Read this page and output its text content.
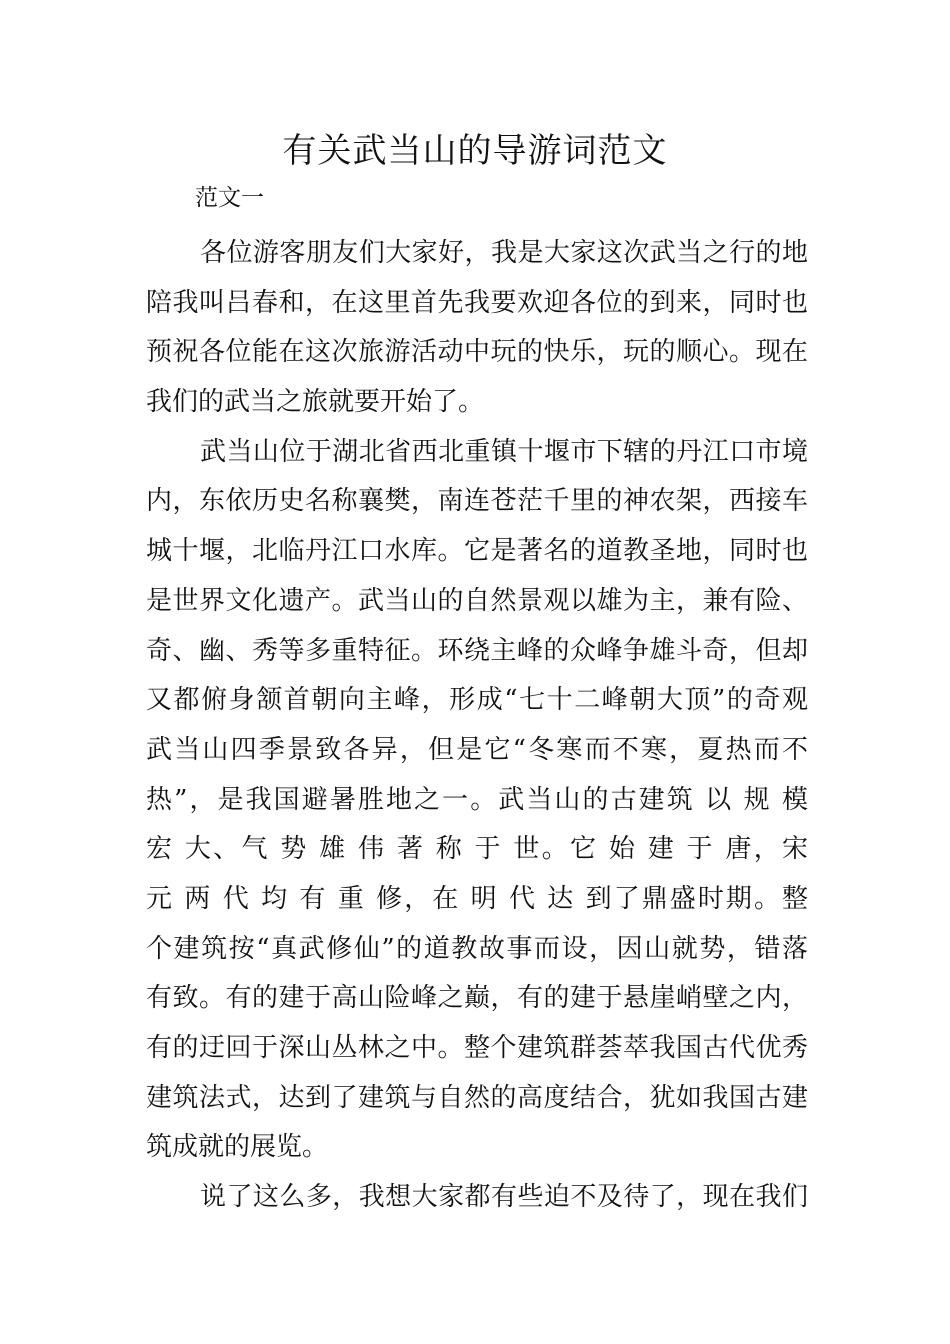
有关武当山的导游词范文

范文一

各位游客朋友们大家好，我是大家这次武当之行的地
陪我叫吕春和，在这里首先我要欢迎各位的到来，同时也
预祝各位能在这次旅游活动中玩的快乐，玩的顺心。现在
我们的武当之旅就要开始了。
武当山位于湖北省西北重镇十堰市下辖的丹江口市境
内，东依历史名称襄樊，南连苍茫千里的神农架，西接车
城十堰，北临丹江口水库。它是著名的道教圣地，同时也
是世界文化遗产。武当山的自然景观以雄为主，兼有险、
奇、幽、秀等多重特征。环绕主峰的众峰争雄斗奇，但却
又都俯身颔首朝向主峰，形成“七十二峰朝大顶”的奇观
武当山四季景致各异，但是它“冬寒而不寒，夏热而不
热”，是我国避暑胜地之一。武当山的古建筑 以 规 模
宏 大、气 势 雄 伟 著 称 于 世。它 始 建 于 唐，宋
元 两 代 均 有 重 修，在 明 代 达 到了鼎盛时期。整
个建筑按“真武修仙”的道教故事而设，因山就势，错落
有致。有的建于高山险峰之巅，有的建于悬崖峭壁之内，
有的迂回于深山丛林之中。整个建筑群荟萃我国古代优秀
建筑法式，达到了建筑与自然的高度结合，犹如我国古建
筑成就的展览。
说了这么多，我想大家都有些迫不及待了，现在我们
